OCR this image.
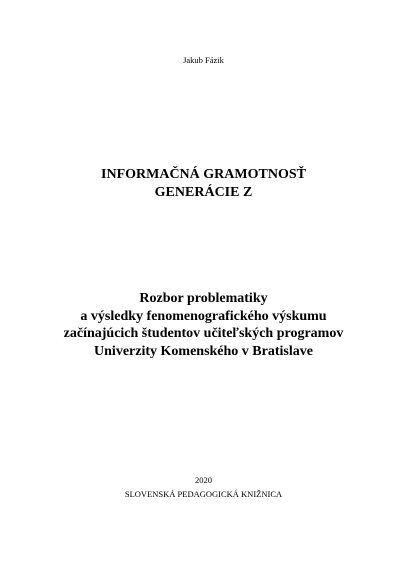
Jakub Fázik
INFORMAČNÁ GRAMOTNOSŤ
GENERÁCIE Z
Rozbor problematiky
a výsledky fenomenografického výskumu
začínajúcich študentov učiteľských programov
Univerzity Komenského v Bratislave
2020
SLOVENSKÁ PEDAGOGICKÁ KNIŽNICA
